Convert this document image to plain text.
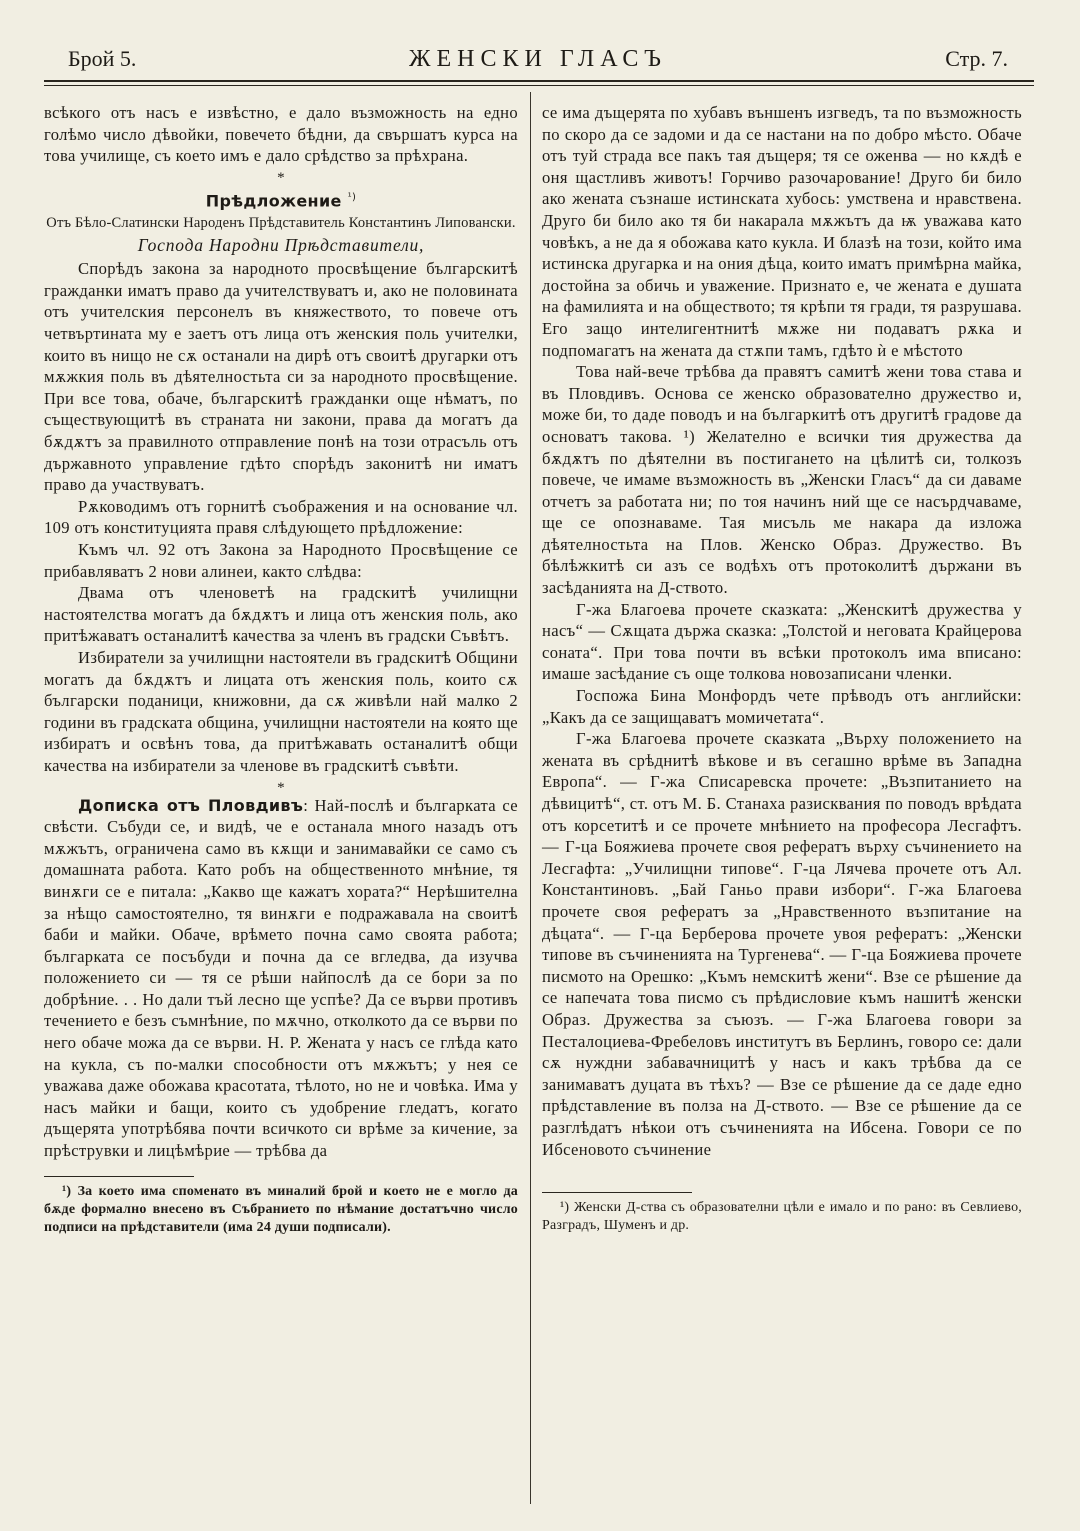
Брой 5.	ЖЕНСКИ ГЛАСЪ	Стр. 7.

всѣкого отъ насъ е извѣстно, е дало възможность на едно голѣмо число дѣвойки, повечето бѣдни, да свършатъ курса на това училище, съ което имъ е дало срѣдство за прѣхрана.

*
Прѣдложение $^{^1)}$
Отъ Бѣло-Слатински Народенъ Прѣдставитель Константинъ Липовански.
Господа Народни Прѣдставители,

Спорѣдъ закона за народното просвѣщение българскитѣ гражданки иматъ право да учителствуватъ и, ако не половината отъ учителския персонелъ въ княжеството, то повече отъ четвъртината му е заетъ отъ лица отъ женския поль учителки, които въ нищо не сѫ останали на дирѣ отъ своитѣ другарки отъ мѫжкия поль въ дѣятелностьта си за народното просвѣщение. При все това, обаче, българскитѣ гражданки още нѣматъ, по съществующитѣ въ страната ни закони, права да могатъ да бѫдѫтъ за правилното отправление понѣ на този отрасъль отъ държавното управление гдѣто спорѣдъ законитѣ ни иматъ право да участвуватъ.

Рѫководимъ отъ горнитѣ съображения и на основание чл. 109 отъ конституцията правя слѣдующето прѣдложение:

Къмъ чл. 92 отъ Закона за Народното Просвѣщение се прибавляватъ 2 нови алинеи, както слѣдва:

Двама отъ членоветѣ на градскитѣ училищни настоятелства могатъ да бѫдѫтъ и лица отъ женския поль, ако притѣжаватъ останалитѣ качества за членъ въ градски Съвѣтъ.

Избиратели за училищни настоятели въ градскитѣ Общини могатъ да бѫдѫтъ и лицата отъ женския поль, които сѫ български поданици, книжовни, да сѫ живѣли най малко 2 години въ градската община, училищни настоятели на която ще избиратъ и освѣнъ това, да притѣжавать останалитѣ общи качества на избиратели за членове въ градскитѣ съвѣти.

*

Дописка отъ Пловдивъ: Най-послѣ и българката се свѣсти. Събуди се, и видѣ, че е останала много назадъ отъ мѫжътъ, ограничена само въ кѫщи и занимавайки се само съ домашната работа. Като робъ на общественното мнѣние, тя винѫги се е питала: „Какво ще кажатъ хората?“ Нерѣшителна за нѣщо самостоятелно, тя винѫги е подражавала на своитѣ баби и майки. Обаче, врѣмето почна само своята работа; българката се посъбуди и почна да се вгледва, да изучва положението си — тя се рѣши найпослѣ да се бори за по добрѣние. . . Но дали тъй лесно ще успѣе? Да се върви противъ течението е безъ съмнѣние, по мѫчно, отколкото да се върви по него обаче можа да се върви. Н. Р. Жената у насъ се глѣда като на кукла, съ по-малки способности отъ мѫжътъ; у нея се уважава даже обожава красотата, тѣлото, но не и човѣка. Има у насъ майки и бащи, които съ удобрение гледатъ, когато дъщерята употрѣбява почти всичкото си врѣме за кичение, за прѣструвки и лицѣмѣрие — трѣбва да

¹) За което има споменато въ миналий брой и което не е могло да бѫде формално внесено въ Събранието по нѣмание достатъчно число подписи на прѣдставители (има 24 души подписали).

се има дъщерята по хубавъ външенъ изгведъ, та по възможность по скоро да се задоми и да се настани на по добро мѣсто. Обаче отъ туй страда все пакъ тая дъщеря; тя се оженва — но кѫдѣ е оня щастливъ животъ! Горчиво разочарование! Друго би било ако жената съзнаше истинската хубось: умствена и нравствена. Друго би било ако тя би накарала мѫжътъ да ѭ уважава като човѣкъ, а не да я обожава като кукла. И блазѣ на този, който има истинска другарка и на ония дѣца, които иматъ примѣрна майка, достойна за обичь и уважение. Признато е, че жената е душата на фамилията и на обществото; тя крѣпи тя гради, тя разрушава. Его защо интелигентнитѣ мѫже ни подаватъ рѫка и подпомагатъ на жената да стѫпи тамъ, гдѣто ѝ е мѣстото

Това най-вече трѣбва да правятъ самитѣ жени това става и въ Пловдивъ. Основа се женско образователно дружество и, може би, то даде поводъ и на българкитѣ отъ другитѣ градове да основатъ такова. ¹) Желателно е всички тия дружества да бѫдѫтъ по дѣятелни въ постигането на цѣлитѣ си, толкозъ повече, че имаме възможность въ „Женски Гласъ“ да си даваме отчетъ за работата ни; по тоя начинъ ний ще се насърдчаваме, ще се опознаваме. Тая мисъль ме накара да изложа дѣятелностьта на Плов. Женско Образ. Дружество. Въ бѣлѣжкитѣ си азъ се водѣхъ отъ протоколитѣ държани въ засѣданията на Д-ството.

Г-жа Благоева прочете сказката: „Женскитѣ дружества у насъ“ — Сѫщата държа сказка: „Толстой и неговата Крайцерова соната“. При това почти въ всѣки протоколъ има вписано: имаше засѣдание съ още толкова новозаписани членки.

Госпожа Бина Монфордъ чете прѣводъ отъ английски: „Какъ да се защищаватъ момичетата“.

Г-жа Благоева прочете сказката „Върху положението на жената въ срѣднитѣ вѣкове и въ сегашно врѣме въ Западна Европа“. — Г-жа Списаревска прочете: „Възпитанието на дѣвицитѣ“, ст. отъ М. Б. Станаха разисквания по поводъ врѣдата отъ корсетитѣ и се прочете мнѣнието на профеcора Лесгафтъ. — Г-ца Бояжиева прочете своя рефератъ върху съчинението на Лесгафта: „Училищни типове“. Г-ца Лячева прочете отъ Ал. Константиновъ. „Бай Ганьо прави избори“. Г-жа Благоева прочете своя рефератъ за „Нравственното възпитание на дѣцата“. — Г-ца Берберова прочете увоя рефератъ: „Женски типове въ съчиненията на Тургенева“. — Г-ца Бояжиева прочете писмото на Орешко: „Къмъ немскитѣ жени“. Взе се рѣшение да се напечата това писмо съ прѣдисловие къмъ нашитѣ женски Образ. Дружества за съюзъ. — Г-жа Благоева говори за Песталоциева-Фребеловъ институтъ въ Берлинъ, говоро се: дали сѫ нуждни забавачницитѣ у насъ и какъ трѣбва да се занимаватъ дуцата въ тѣхъ? — Взе се рѣшение да се даде едно прѣдставление въ полза на Д-ството. — Взе се рѣшение да се разглѣдатъ нѣкои отъ съчиненията на Ибсена. Говори се по Ибсеновото съчинение

¹) Женски Д-ства съ образователни цѣли е имало и по рано: въ Севлиево, Разградъ, Шуменъ и др.
